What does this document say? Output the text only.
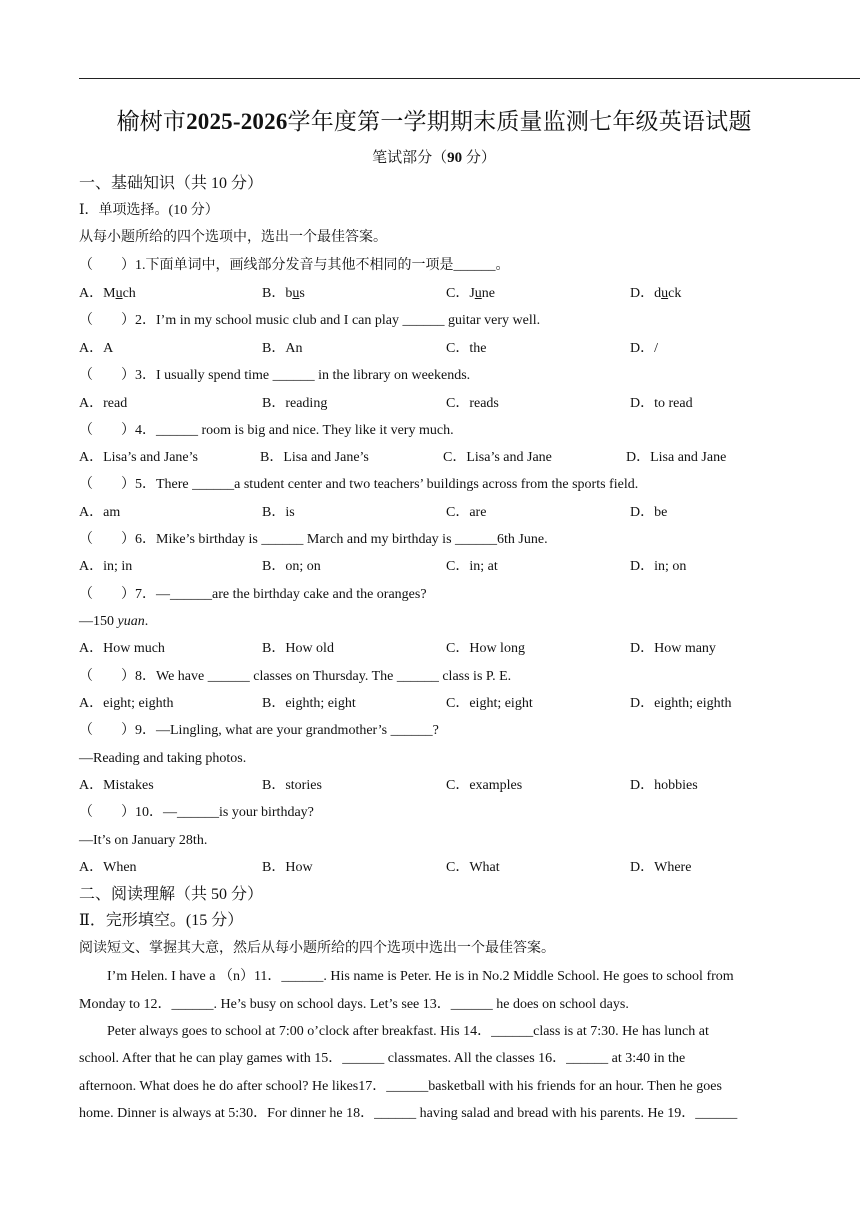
榆树市2025-2026学年度第一学期期末质量监测七年级英语试题
笔试部分（90 分）
一、基础知识（共 10 分）
Ⅰ．单项选择。(10 分）
从每小题所给的四个选项中，选出一个最佳答案。
（　　）1.下面单词中，画线部分发音与其他不相同的一项是______。
A．Much	B．bus	C．June	D．duck
（　　）2．I’m in my school music club and I can play ______ guitar very well.
A．A	B．An	C．the	D．/
（　　）3．I usually spend time ______ in the library on weekends.
A．read	B．reading	C．reads	D．to read
（　　）4．______ room is big and nice. They like it very much.
A．Lisa’s and Jane’s	B．Lisa and Jane’s	C．Lisa’s and Jane	D．Lisa and Jane
（　　）5．There ______a student center and two teachers’ buildings across from the sports field.
A．am	B．is	C．are	D．be
（　　）6．Mike’s birthday is ______ March and my birthday is ______6th June.
A．in; in	B．on; on	C．in; at	D．in; on
（　　）7．—______are the birthday cake and the oranges?
—150 yuan.
A．How much	B．How old	C．How long	D．How many
（　　）8．We have ______ classes on Thursday. The ______ class is P. E.
A．eight; eighth	B．eighth; eight	C．eight; eight	D．eighth; eighth
（　　）9．—Lingling, what are your grandmother’s ______?
—Reading and taking photos.
A．Mistakes	B．stories	C．examples	D．hobbies
（　　）10．—______is your birthday?
—It’s on January 28th.
A．When	B．How	C．What	D．Where
二、阅读理解（共 50 分）
Ⅱ．完形填空。(15 分）
阅读短文、掌握其大意，然后从每小题所给的四个选项中选出一个最佳答案。
I’m Helen. I have a （n）11．______. His name is Peter. He is in No.2 Middle School. He goes to school from
Monday to 12．______. He’s busy on school days. Let’s see 13．______ he does on school days.
Peter always goes to school at 7:00 o’clock after breakfast. His 14．______class is at 7:30. He has lunch at
school. After that he can play games with 15．______ classmates. All the classes 16．______ at 3:40 in the
afternoon. What does he do after school? He likes17．______basketball with his friends for an hour. Then he goes
home. Dinner is always at 5:30．For dinner he 18．______ having salad and bread with his parents. He 19．______
